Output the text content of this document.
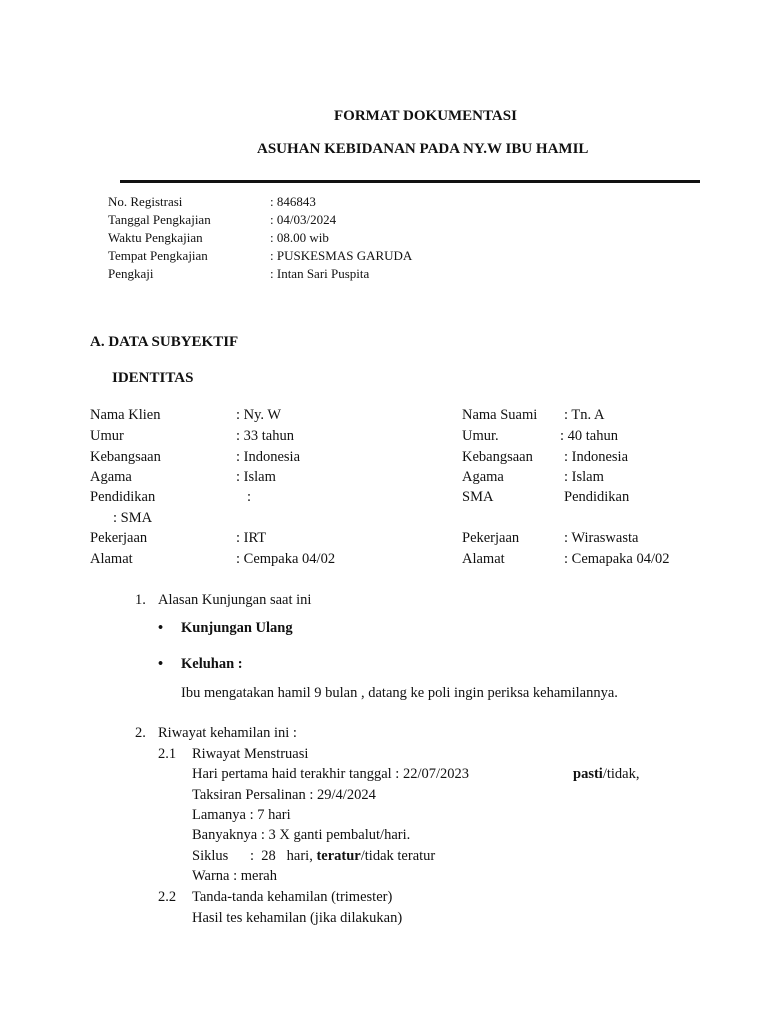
FORMAT DOKUMENTASI
ASUHAN KEBIDANAN PADA NY.W IBU HAMIL
No. Registrasi	: 846843
Tanggal Pengkajian	: 04/03/2024
Waktu Pengkajian	: 08.00 wib
Tempat Pengkajian	: PUSKESMAS GARUDA
Pengkaji	: Intan Sari Puspita
A. DATA SUBYEKTIF
IDENTITAS
Nama Klien	: Ny. W
Umur	: 33 tahun
Kebangsaan	: Indonesia
Agama	: Islam
Pendidikan	:
: SMA
Pekerjaan	: IRT
Alamat	: Cempaka 04/02
Nama Suami : Tn. A
Umur.	: 40 tahun
Kebangsaan : Indonesia
Agama	: Islam
SMA	Pendidikan
Pekerjaan	: Wiraswasta
Alamat	: Cemapaka 04/02
1. Alasan Kunjungan saat ini
• Kunjungan Ulang
• Keluhan :
Ibu mengatakan hamil 9 bulan , datang ke poli ingin periksa kehamilannya.
2. Riwayat kehamilan ini :
2.1 Riwayat Menstruasi
Hari pertama haid terakhir tanggal : 22/07/2023	pasti/tidak,
Taksiran Persalinan : 29/4/2024
Lamanya : 7 hari
Banyaknya : 3 X ganti pembalut/hari.
Siklus      :  28   hari, teratur/tidak teratur
Warna : merah
2.2 Tanda-tanda kehamilan (trimester)
Hasil tes kehamilan (jika dilakukan)
